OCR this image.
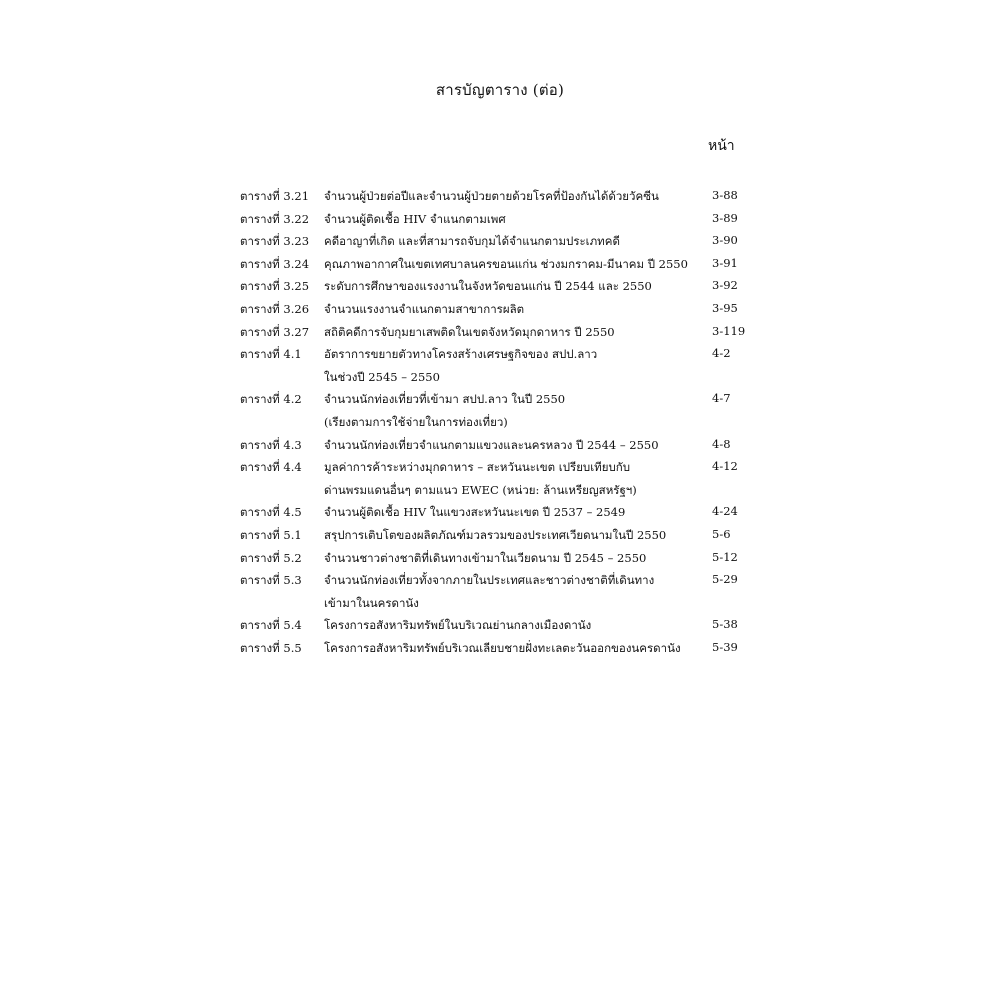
สารบัญตาราง (ต่อ)
หน้า
ตารางที่ 3.21 จำนวนผู้ป่วยต่อปีและจำนวนผู้ป่วยตายด้วยโรคที่ป้องกันได้ด้วยวัคซีน	3-88
ตารางที่ 3.22 จำนวนผู้ติดเชื้อ HIV จำแนกตามเพศ	3-89
ตารางที่ 3.23 คดีอาญาที่เกิด และที่สามารถจับกุมได้จำแนกตามประเภทคดี	3-90
ตารางที่ 3.24 คุณภาพอากาศในเขตเทศบาลนครขอนแก่น ช่วงมกราคม-มีนาคม ปี 2550	3-91
ตารางที่ 3.25 ระดับการศึกษาของแรงงานในจังหวัดขอนแก่น ปี 2544 และ 2550	3-92
ตารางที่ 3.26 จำนวนแรงงานจำแนกตามสาขาการผลิต	3-95
ตารางที่ 3.27 สถิติคดีการจับกุมยาเสพติดในเขตจังหวัดมุกดาหาร ปี 2550	3-119
ตารางที่ 4.1 อัตราการขยายตัวทางโครงสร้างเศรษฐกิจของ สปป.ลาว	4-2
ในช่วงปี 2545 – 2550
ตารางที่ 4.2 จำนวนนักท่องเที่ยวที่เข้ามา สปป.ลาว ในปี 2550	4-7
(เรียงตามการใช้จ่ายในการท่องเที่ยว)
ตารางที่ 4.3 จำนวนนักท่องเที่ยวจำแนกตามแขวงและนครหลวง ปี 2544 – 2550	4-8
ตารางที่ 4.4 มูลค่าการค้าระหว่างมุกดาหาร – สะหวันนะเขต เปรียบเทียบกับ	4-12
ด่านพรมแดนอื่นๆ ตามแนว EWEC (หน่วย: ล้านเหรียญสหรัฐฯ)
ตารางที่ 4.5 จำนวนผู้ติดเชื้อ HIV ในแขวงสะหวันนะเขต ปี 2537 – 2549	4-24
ตารางที่ 5.1 สรุปการเติบโตของผลิตภัณฑ์มวลรวมของประเทศเวียดนามในปี 2550	5-6
ตารางที่ 5.2 จำนวนชาวต่างชาติที่เดินทางเข้ามาในเวียดนาม ปี 2545 – 2550	5-12
ตารางที่ 5.3 จำนวนนักท่องเที่ยวทั้งจากภายในประเทศและชาวต่างชาติที่เดินทาง	5-29
เข้ามาในนครดานัง
ตารางที่ 5.4 โครงการอสังหาริมทรัพย์ในบริเวณย่านกลางเมืองดานัง	5-38
ตารางที่ 5.5 โครงการอสังหาริมทรัพย์บริเวณเลียบชายฝั่งทะเลตะวันออกของนครดานัง	5-39
